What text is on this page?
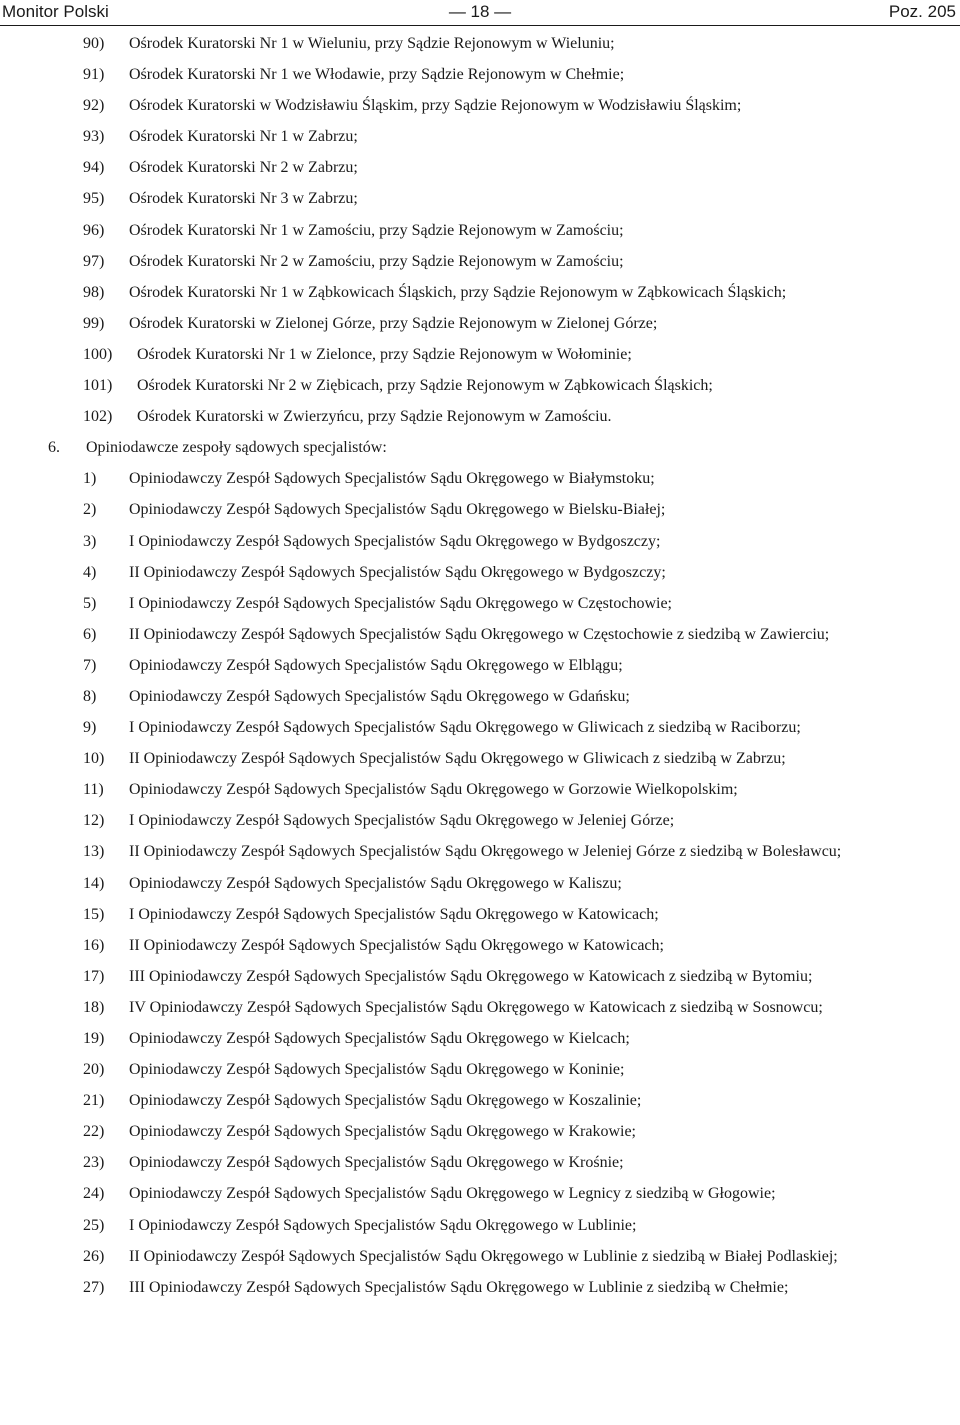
Monitor Polski	— 18 —	Poz. 205
90) Ośrodek Kuratorski Nr 1 w Wieluniu, przy Sądzie Rejonowym w Wieluniu;
91) Ośrodek Kuratorski Nr 1 we Włodawie, przy Sądzie Rejonowym w Chełmie;
92) Ośrodek Kuratorski w Wodzisławiu Śląskim, przy Sądzie Rejonowym w Wodzisławiu Śląskim;
93) Ośrodek Kuratorski Nr 1 w Zabrzu;
94) Ośrodek Kuratorski Nr 2 w Zabrzu;
95) Ośrodek Kuratorski Nr 3 w Zabrzu;
96) Ośrodek Kuratorski Nr 1 w Zamościu, przy Sądzie Rejonowym w Zamościu;
97) Ośrodek Kuratorski Nr 2 w Zamościu, przy Sądzie Rejonowym w Zamościu;
98) Ośrodek Kuratorski Nr 1 w Ząbkowicach Śląskich, przy Sądzie Rejonowym w Ząbkowicach Śląskich;
99) Ośrodek Kuratorski w Zielonej Górze, przy Sądzie Rejonowym w Zielonej Górze;
100) Ośrodek Kuratorski Nr 1 w Zielonce, przy Sądzie Rejonowym w Wołominie;
101) Ośrodek Kuratorski Nr 2 w Ziębicach, przy Sądzie Rejonowym w Ząbkowicach Śląskich;
102) Ośrodek Kuratorski w Zwierzyńcu, przy Sądzie Rejonowym w Zamościu.
6. Opiniodawcze zespoły sądowych specjalistów:
1) Opiniodawczy Zespół Sądowych Specjalistów Sądu Okręgowego w Białymstoku;
2) Opiniodawczy Zespół Sądowych Specjalistów Sądu Okręgowego w Bielsku-Białej;
3) I Opiniodawczy Zespół Sądowych Specjalistów Sądu Okręgowego w Bydgoszczy;
4) II Opiniodawczy Zespół Sądowych Specjalistów Sądu Okręgowego w Bydgoszczy;
5) I Opiniodawczy Zespół Sądowych Specjalistów Sądu Okręgowego w Częstochowie;
6) II Opiniodawczy Zespół Sądowych Specjalistów Sądu Okręgowego w Częstochowie z siedzibą w Zawierciu;
7) Opiniodawczy Zespół Sądowych Specjalistów Sądu Okręgowego w Elblągu;
8) Opiniodawczy Zespół Sądowych Specjalistów Sądu Okręgowego w Gdańsku;
9) I Opiniodawczy Zespół Sądowych Specjalistów Sądu Okręgowego w Gliwicach z siedzibą w Raciborzu;
10) II Opiniodawczy Zespół Sądowych Specjalistów Sądu Okręgowego w Gliwicach z siedzibą w Zabrzu;
11) Opiniodawczy Zespół Sądowych Specjalistów Sądu Okręgowego w Gorzowie Wielkopolskim;
12) I Opiniodawczy Zespół Sądowych Specjalistów Sądu Okręgowego w Jeleniej Górze;
13) II Opiniodawczy Zespół Sądowych Specjalistów Sądu Okręgowego w Jeleniej Górze z siedzibą w Bolesławcu;
14) Opiniodawczy Zespół Sądowych Specjalistów Sądu Okręgowego w Kaliszu;
15) I Opiniodawczy Zespół Sądowych Specjalistów Sądu Okręgowego w Katowicach;
16) II Opiniodawczy Zespół Sądowych Specjalistów Sądu Okręgowego w Katowicach;
17) III Opiniodawczy Zespół Sądowych Specjalistów Sądu Okręgowego w Katowicach z siedzibą w Bytomiu;
18) IV Opiniodawczy Zespół Sądowych Specjalistów Sądu Okręgowego w Katowicach z siedzibą w Sosnowcu;
19) Opiniodawczy Zespół Sądowych Specjalistów Sądu Okręgowego w Kielcach;
20) Opiniodawczy Zespół Sądowych Specjalistów Sądu Okręgowego w Koninie;
21) Opiniodawczy Zespół Sądowych Specjalistów Sądu Okręgowego w Koszalinie;
22) Opiniodawczy Zespół Sądowych Specjalistów Sądu Okręgowego w Krakowie;
23) Opiniodawczy Zespół Sądowych Specjalistów Sądu Okręgowego w Krośnie;
24) Opiniodawczy Zespół Sądowych Specjalistów Sądu Okręgowego w Legnicy z siedzibą w Głogowie;
25) I Opiniodawczy Zespół Sądowych Specjalistów Sądu Okręgowego w Lublinie;
26) II Opiniodawczy Zespół Sądowych Specjalistów Sądu Okręgowego w Lublinie z siedzibą w Białej Podlaskiej;
27) III Opiniodawczy Zespół Sądowych Specjalistów Sądu Okręgowego w Lublinie z siedzibą w Chełmie;
